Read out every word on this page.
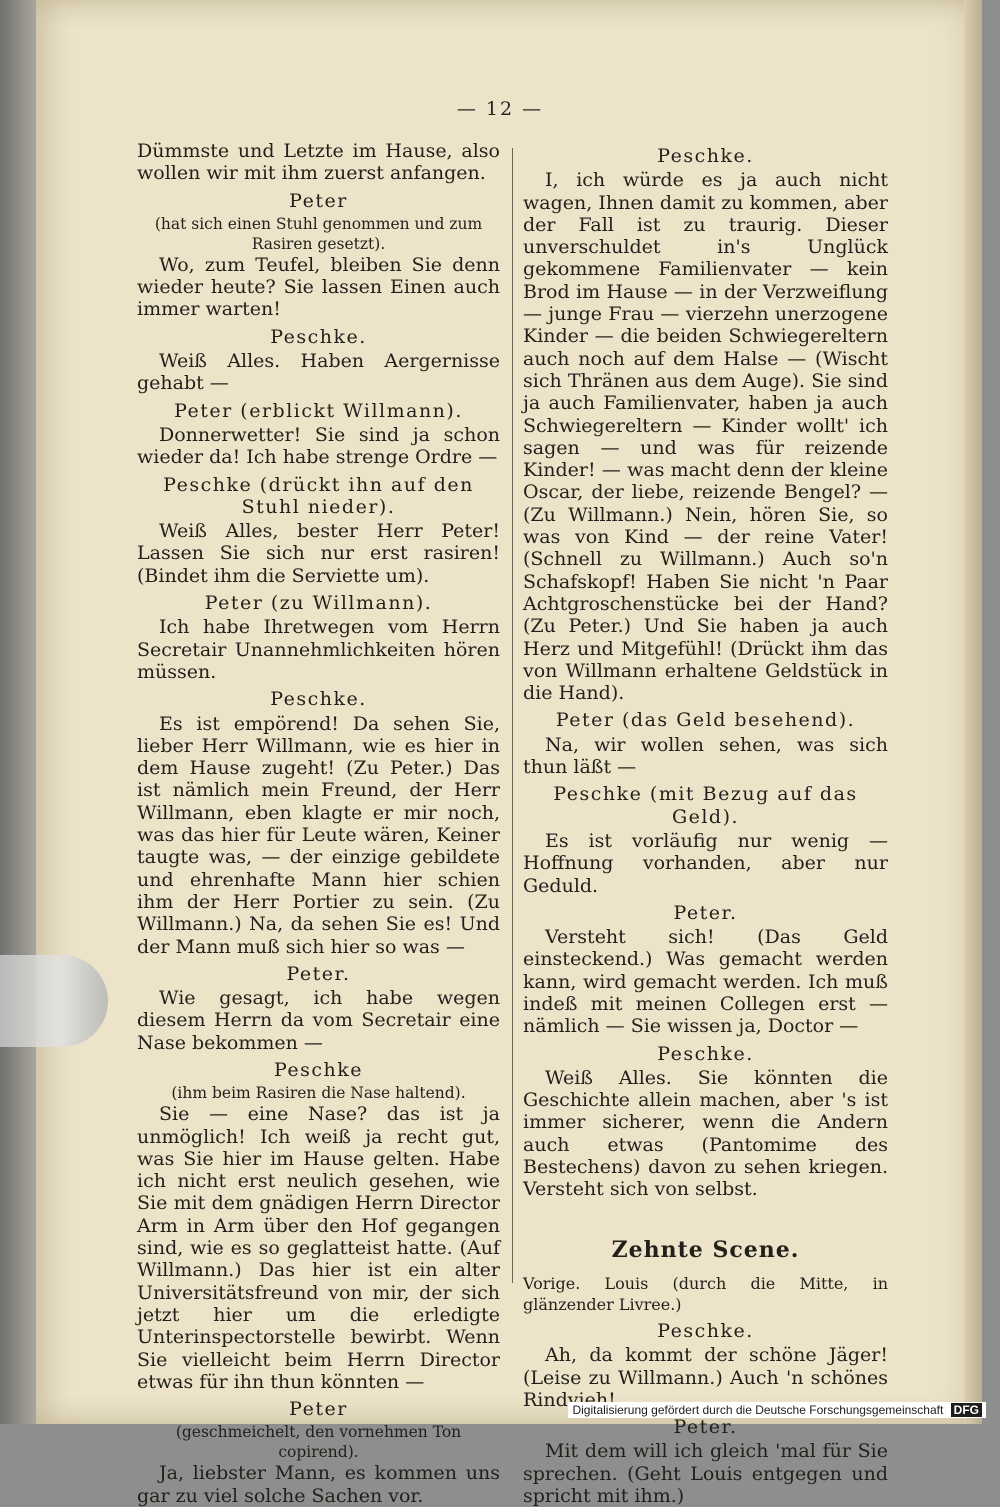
— 12 —
Dümmste und Letzte im Hause, also wollen wir mit ihm zuerst anfangen.
Peter
(hat sich einen Stuhl genommen und zum Rasiren gesetzt).
Wo, zum Teufel, bleiben Sie denn wieder heute? Sie lassen Einen auch immer warten!
Peschke.
Weiß Alles. Haben Aergernisse gehabt —
Peter (erblickt Willmann).
Donnerwetter! Sie sind ja schon wieder da! Ich habe strenge Ordre —
Peschke (drückt ihn auf den Stuhl nieder).
Weiß Alles, bester Herr Peter! Lassen Sie sich nur erst rasiren! (Bindet ihm die Serviette um).
Peter (zu Willmann).
Ich habe Ihretwegen vom Herrn Secretair Unannehmlichkeiten hören müssen.
Peschke.
Es ist empörend! Da sehen Sie, lieber Herr Willmann, wie es hier in dem Hause zugeht! (Zu Peter.) Das ist nämlich mein Freund, der Herr Willmann, eben klagte er mir noch, was das hier für Leute wären, Keiner taugte was, — der einzige gebildete und ehrenhafte Mann hier schien ihm der Herr Portier zu sein. (Zu Willmann.) Na, da sehen Sie es! Und der Mann muß sich hier so was —
Peter.
Wie gesagt, ich habe wegen diesem Herrn da vom Secretair eine Nase bekommen —
Peschke
(ihm beim Rasiren die Nase haltend).
Sie — eine Nase? das ist ja unmöglich! Ich weiß ja recht gut, was Sie hier im Hause gelten. Habe ich nicht erst neulich gesehen, wie Sie mit dem gnädigen Herrn Director Arm in Arm über den Hof gegangen sind, wie es so geglatteist hatte. (Auf Willmann.) Das hier ist ein alter Universitätsfreund von mir, der sich jetzt hier um die erledigte Unterinspectorstelle bewirbt. Wenn Sie vielleicht beim Herrn Director etwas für ihn thun könnten —
Peter
(geschmeichelt, den vornehmen Ton copirend).
Ja, liebster Mann, es kommen uns gar zu viel solche Sachen vor.
Peschke.
I, ich würde es ja auch nicht wagen, Ihnen damit zu kommen, aber der Fall ist zu traurig. Dieser unverschuldet in's Unglück gekommene Familienvater — kein Brod im Hause — in der Verzweiflung — junge Frau — vierzehn unerzogene Kinder — die beiden Schwiegereltern auch noch auf dem Halse — (Wischt sich Thränen aus dem Auge). Sie sind ja auch Familienvater, haben ja auch Schwiegereltern — Kinder wollt' ich sagen — und was für reizende Kinder! — was macht denn der kleine Oscar, der liebe, reizende Bengel? — (Zu Willmann.) Nein, hören Sie, so was von Kind — der reine Vater! (Schnell zu Willmann.) Auch so'n Schafskopf! Haben Sie nicht 'n Paar Achtgroschenstücke bei der Hand? (Zu Peter.) Und Sie haben ja auch Herz und Mitgefühl! (Drückt ihm das von Willmann erhaltene Geldstück in die Hand).
Peter (das Geld besehend).
Na, wir wollen sehen, was sich thun läßt —
Peschke (mit Bezug auf das Geld).
Es ist vorläufig nur wenig — Hoffnung vorhanden, aber nur Geduld.
Peter.
Versteht sich! (Das Geld einsteckend.) Was gemacht werden kann, wird gemacht werden. Ich muß indeß mit meinen Collegen erst — nämlich — Sie wissen ja, Doctor —
Peschke.
Weiß Alles. Sie könnten die Geschichte allein machen, aber 's ist immer sicherer, wenn die Andern auch etwas (Pantomime des Bestechens) davon zu sehen kriegen. Versteht sich von selbst.
Zehnte Scene.
Vorige. Louis (durch die Mitte, in glänzender Livree.)
Peschke.
Ah, da kommt der schöne Jäger! (Leise zu Willmann.) Auch 'n schönes Rindvieh!
Peter.
Mit dem will ich gleich 'mal für Sie sprechen. (Geht Louis entgegen und spricht
Digitalisierung gefördert durch die Deutsche Forschungsgemeinschaft DFG
